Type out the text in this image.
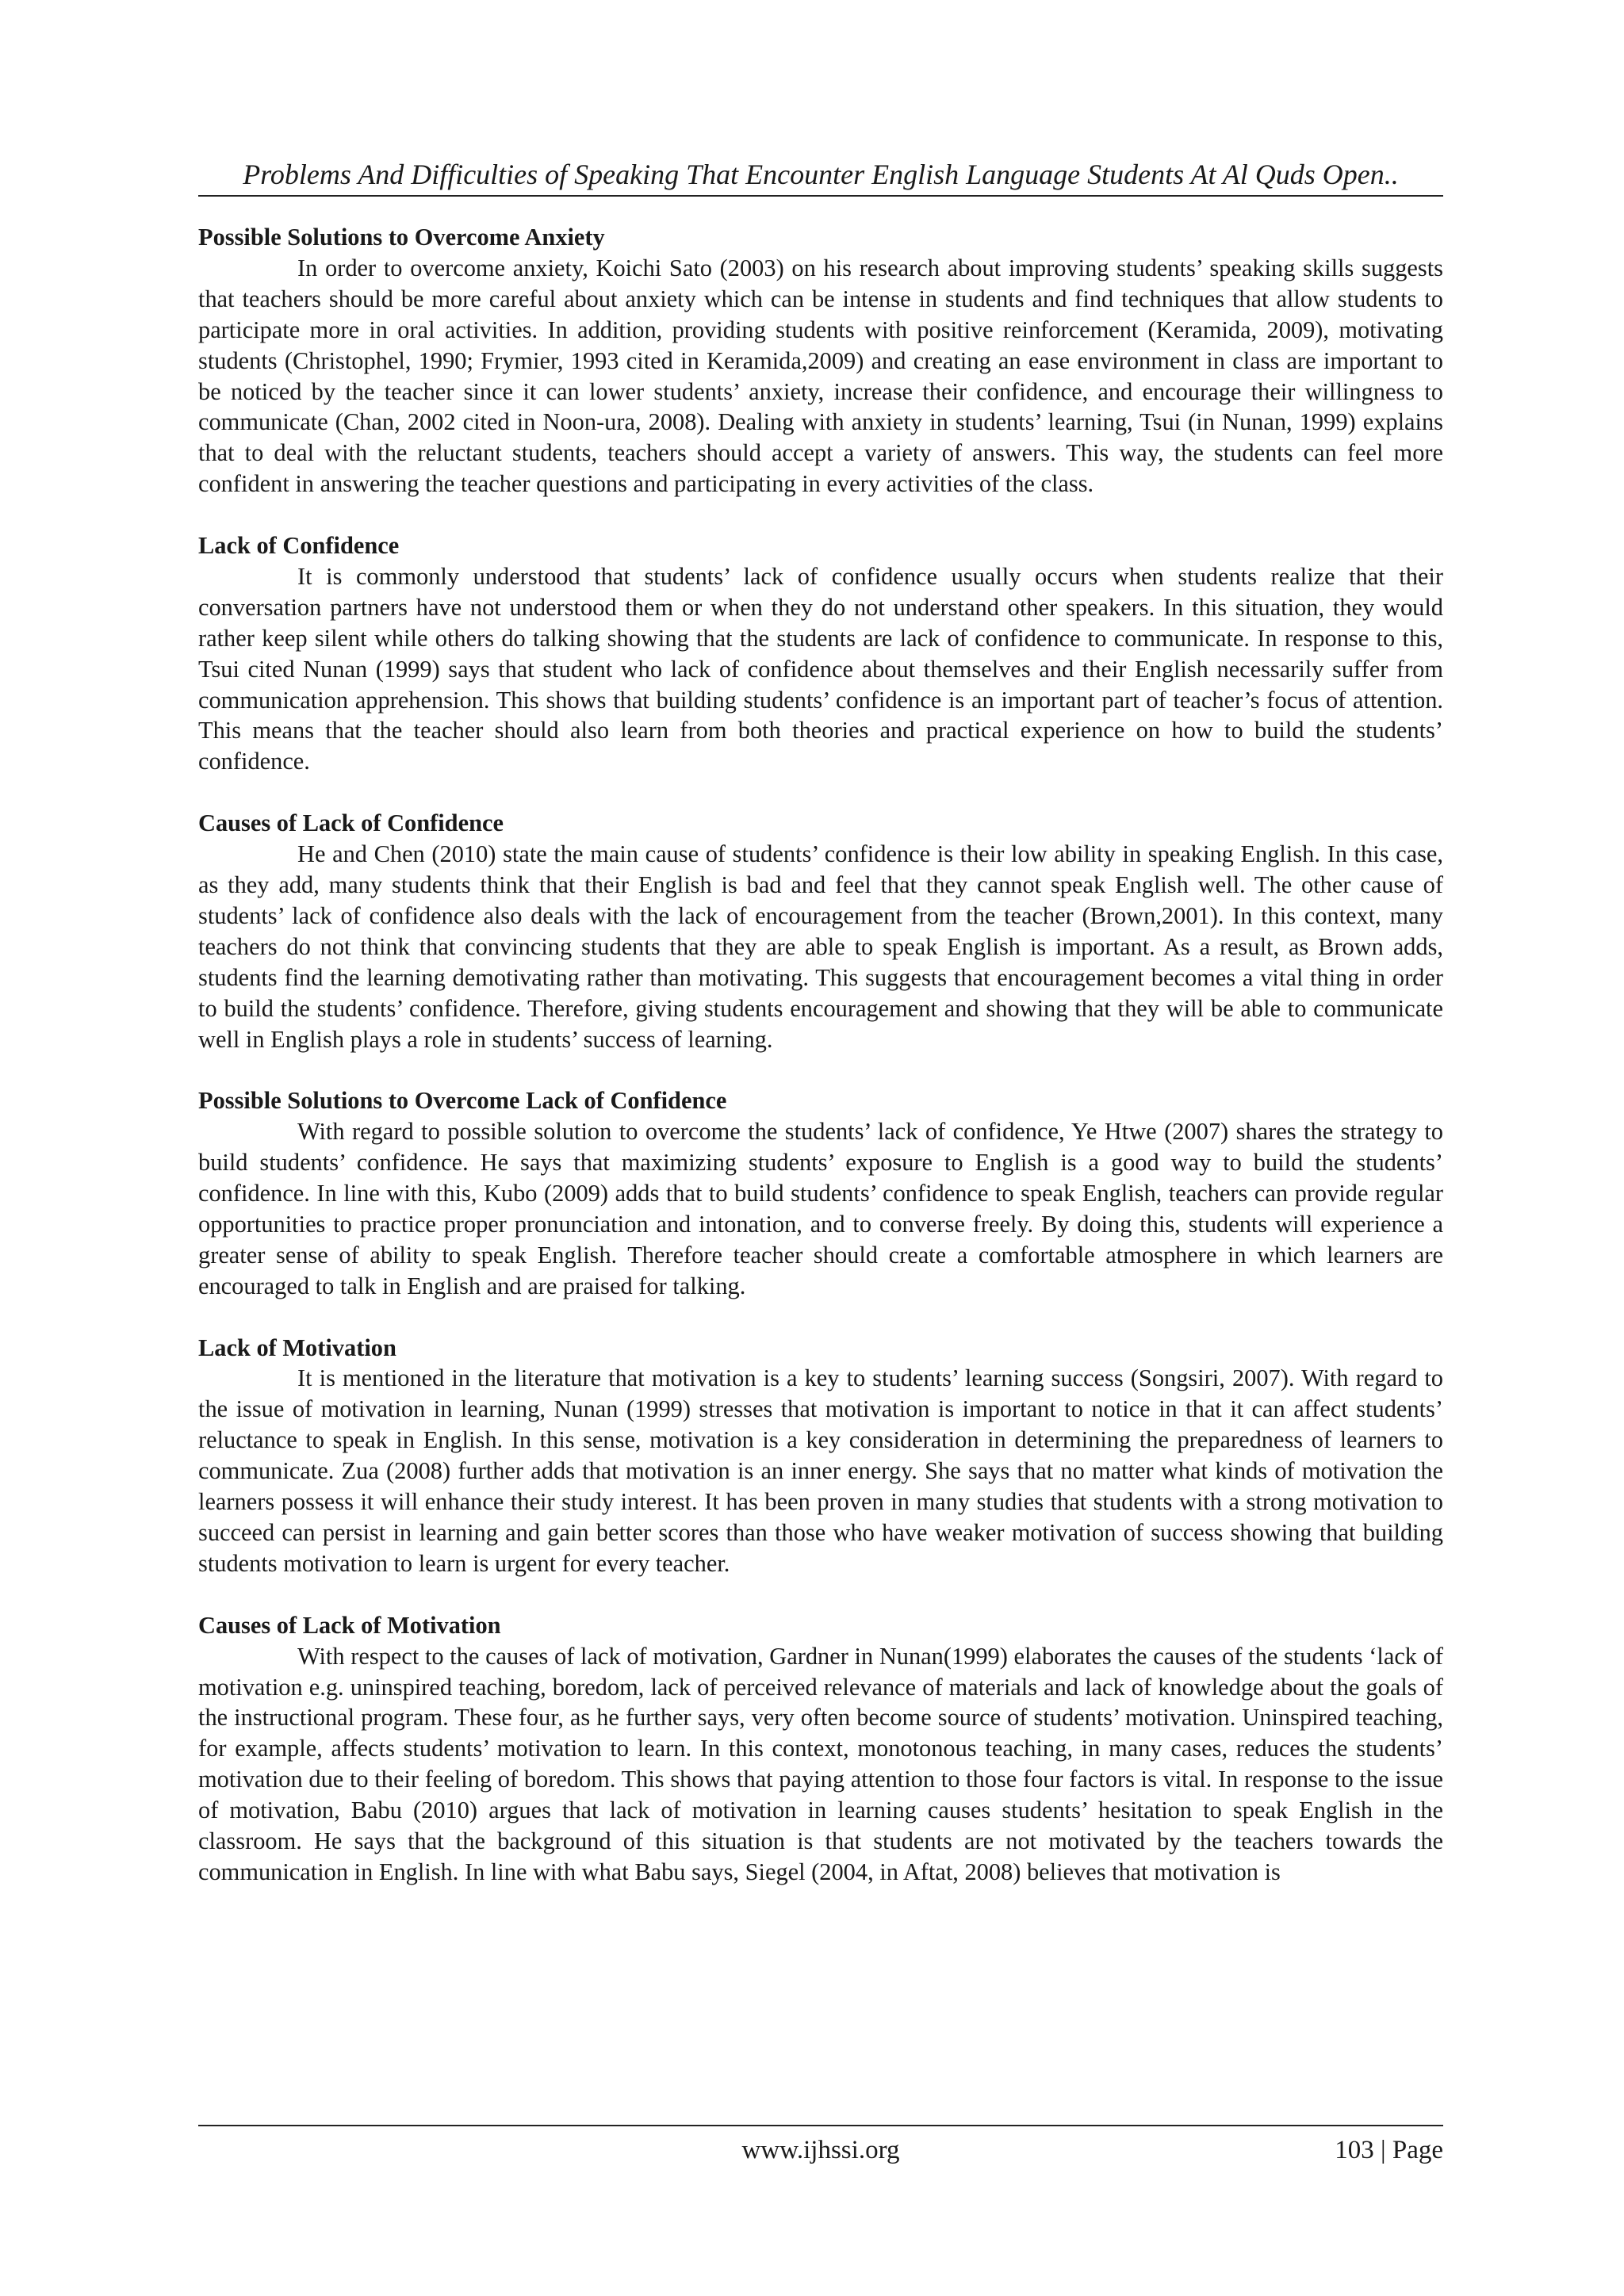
Problems And Difficulties of Speaking That Encounter English Language Students At Al Quds Open..
Possible Solutions to Overcome Anxiety

In order to overcome anxiety, Koichi Sato (2003) on his research about improving students’ speaking skills suggests that teachers should be more careful about anxiety which can be intense in students and find techniques that allow students to participate more in oral activities. In addition, providing students with positive reinforcement (Keramida, 2009), motivating students (Christophel, 1990; Frymier, 1993 cited in Keramida,2009) and creating an ease environment in class are important to be noticed by the teacher since it can lower students’ anxiety, increase their confidence, and encourage their willingness to communicate (Chan, 2002 cited in Noon-ura, 2008). Dealing with anxiety in students’ learning, Tsui (in Nunan, 1999) explains that to deal with the reluctant students, teachers should accept a variety of answers. This way, the students can feel more confident in answering the teacher questions and participating in every activities of the class.

Lack of Confidence

It is commonly understood that students’ lack of confidence usually occurs when students realize that their conversation partners have not understood them or when they do not understand other speakers. In this situation, they would rather keep silent while others do talking showing that the students are lack of confidence to communicate. In response to this, Tsui cited Nunan (1999) says that student who lack of confidence about themselves and their English necessarily suffer from communication apprehension. This shows that building students’ confidence is an important part of teacher’s focus of attention. This means that the teacher should also learn from both theories and practical experience on how to build the students’ confidence.

Causes of Lack of Confidence

He and Chen (2010) state the main cause of students’ confidence is their low ability in speaking English. In this case, as they add, many students think that their English is bad and feel that they cannot speak English well. The other cause of students’ lack of confidence also deals with the lack of encouragement from the teacher (Brown,2001). In this context, many teachers do not think that convincing students that they are able to speak English is important. As a result, as Brown adds, students find the learning demotivating rather than motivating. This suggests that encouragement becomes a vital thing in order to build the students’ confidence. Therefore, giving students encouragement and showing that they will be able to communicate well in English plays a role in students’ success of learning.

Possible Solutions to Overcome Lack of Confidence

With regard to possible solution to overcome the students’ lack of confidence, Ye Htwe (2007) shares the strategy to build students’ confidence. He says that maximizing students’ exposure to English is a good way to build the students’ confidence. In line with this, Kubo (2009) adds that to build students’ confidence to speak English, teachers can provide regular opportunities to practice proper pronunciation and intonation, and to converse freely. By doing this, students will experience a greater sense of ability to speak English. Therefore teacher should create a comfortable atmosphere in which learners are encouraged to talk in English and are praised for talking.

Lack of Motivation

It is mentioned in the literature that motivation is a key to students’ learning success (Songsiri, 2007). With regard to the issue of motivation in learning, Nunan (1999) stresses that motivation is important to notice in that it can affect students’ reluctance to speak in English. In this sense, motivation is a key consideration in determining the preparedness of learners to communicate. Zua (2008) further adds that motivation is an inner energy. She says that no matter what kinds of motivation the learners possess it will enhance their study interest. It has been proven in many studies that students with a strong motivation to succeed can persist in learning and gain better scores than those who have weaker motivation of success showing that building students motivation to learn is urgent for every teacher.

Causes of Lack of Motivation

With respect to the causes of lack of motivation, Gardner in Nunan(1999) elaborates the causes of the students ‘lack of motivation e.g. uninspired teaching, boredom, lack of perceived relevance of materials and lack of knowledge about the goals of the instructional program. These four, as he further says, very often become source of students’ motivation. Uninspired teaching, for example, affects students’ motivation to learn. In this context, monotonous teaching, in many cases, reduces the students’ motivation due to their feeling of boredom. This shows that paying attention to those four factors is vital. In response to the issue of motivation, Babu (2010) argues that lack of motivation in learning causes students’ hesitation to speak English in the classroom. He says that the background of this situation is that students are not motivated by the teachers towards the communication in English. In line with what Babu says, Siegel (2004, in Aftat, 2008) believes that motivation is

www.ijhssi.org	103 | Page
